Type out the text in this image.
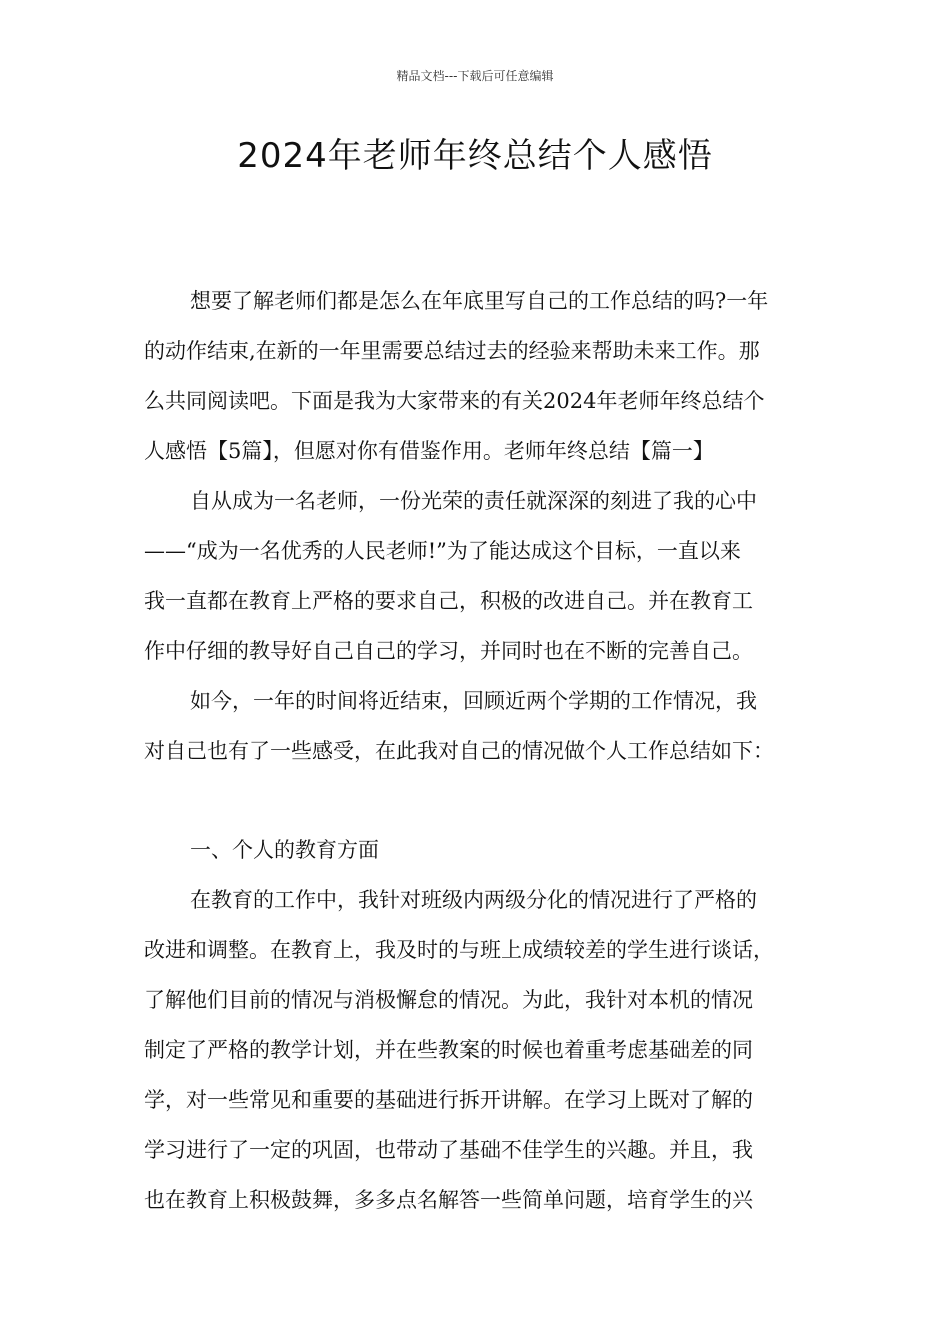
精品文档---下载后可任意编辑
2024年老师年终总结个人感悟
想要了解老师们都是怎么在年底里写自己的工作总结的吗?一年
的动作结束,在新的一年里需要总结过去的经验来帮助未来工作。那
么共同阅读吧。下面是我为大家带来的有关2024年老师年终总结个
人感悟【5篇】，但愿对你有借鉴作用。老师年终总结【篇一】
自从成为一名老师，一份光荣的责任就深深的刻进了我的心中
——“成为一名优秀的人民老师!”为了能达成这个目标，一直以来
我一直都在教育上严格的要求自己，积极的改进自己。并在教育工
作中仔细的教导好自己自己的学习，并同时也在不断的完善自己。
如今，一年的时间将近结束，回顾近两个学期的工作情况，我
对自己也有了一些感受，在此我对自己的情况做个人工作总结如下：
一、个人的教育方面
在教育的工作中，我针对班级内两级分化的情况进行了严格的
改进和调整。在教育上，我及时的与班上成绩较差的学生进行谈话，
了解他们目前的情况与消极懈怠的情况。为此，我针对本机的情况
制定了严格的教学计划，并在些教案的时候也着重考虑基础差的同
学，对一些常见和重要的基础进行拆开讲解。在学习上既对了解的
学习进行了一定的巩固，也带动了基础不佳学生的兴趣。并且，我
也在教育上积极鼓舞，多多点名解答一些简单问题，培育学生的兴
